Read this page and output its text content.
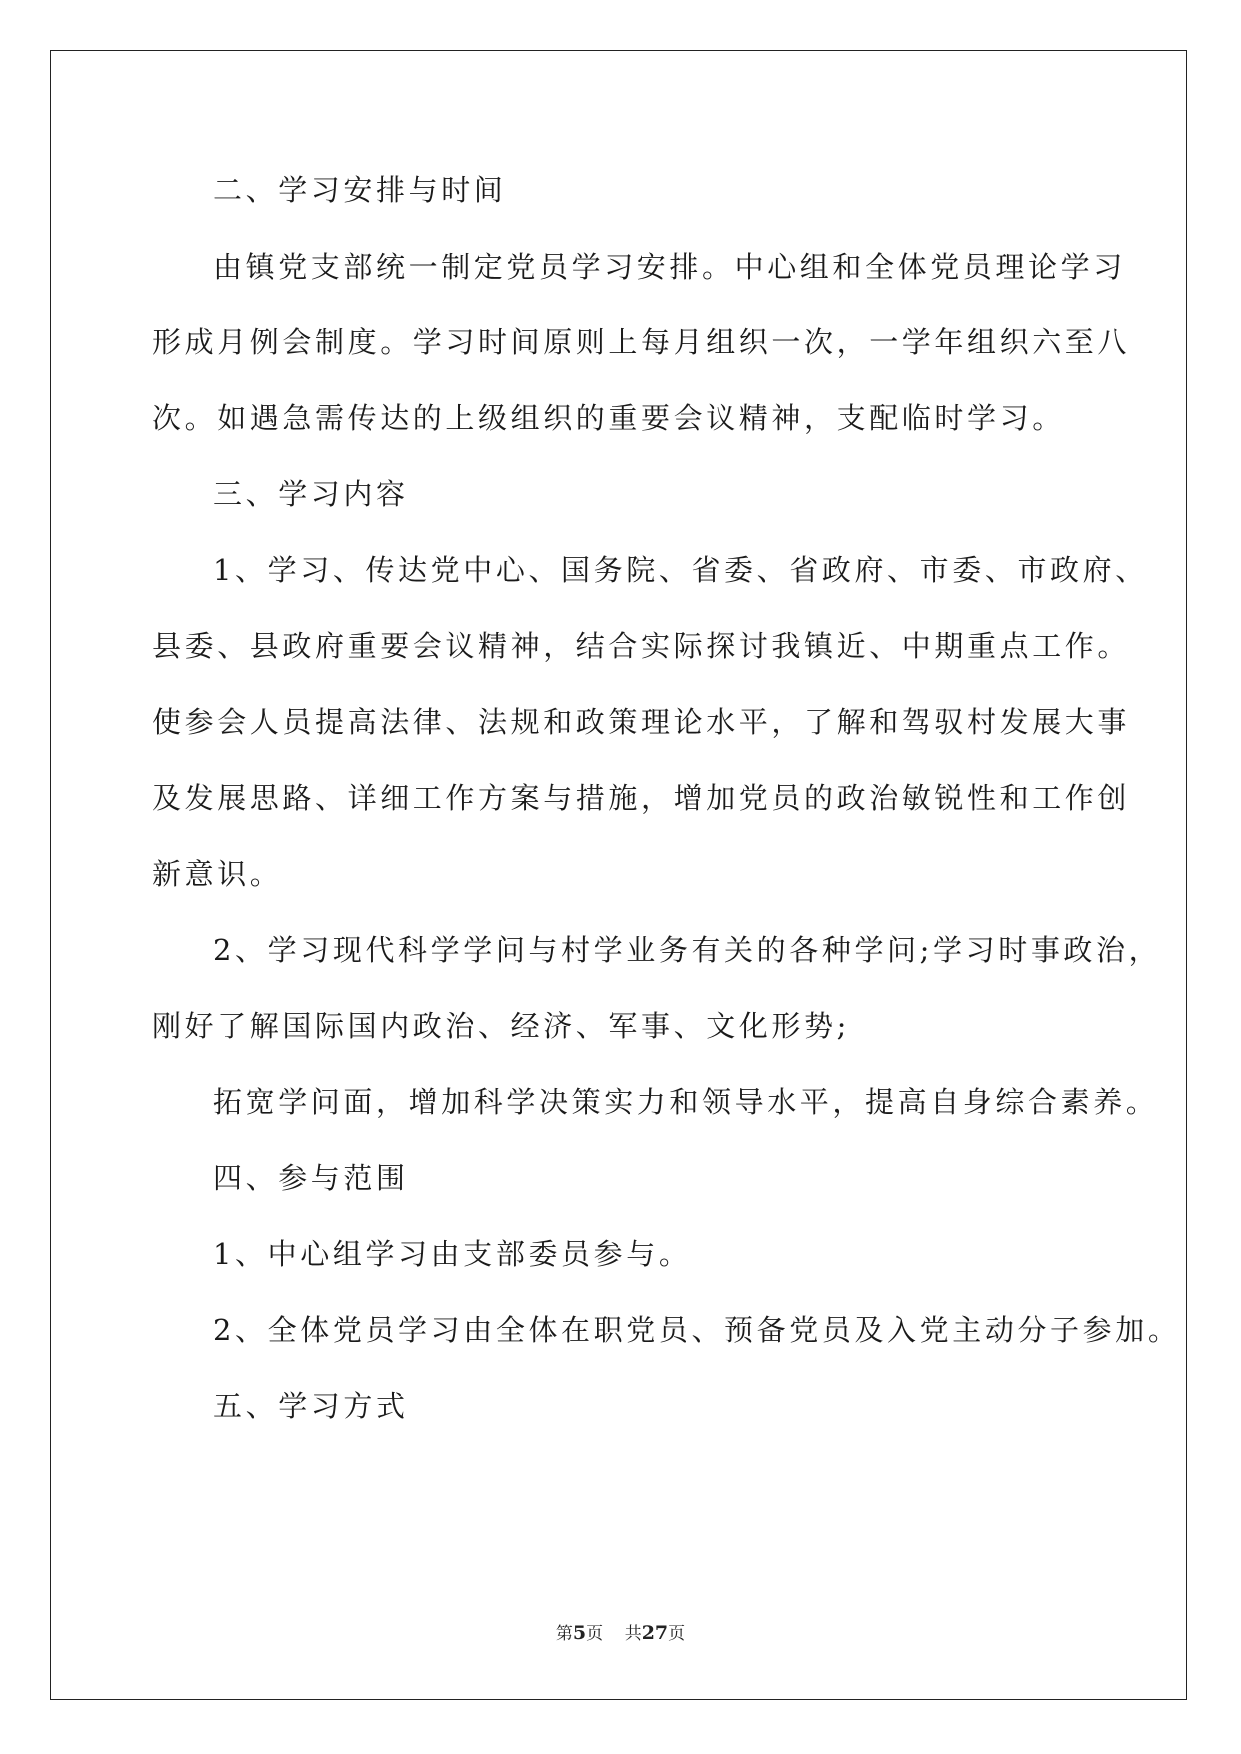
二、学习安排与时间
由镇党支部统一制定党员学习安排。中心组和全体党员理论学习
形成月例会制度。学习时间原则上每月组织一次，一学年组织六至八
次。如遇急需传达的上级组织的重要会议精神，支配临时学习。
三、学习内容
1、学习、传达党中心、国务院、省委、省政府、市委、市政府、
县委、县政府重要会议精神，结合实际探讨我镇近、中期重点工作。
使参会人员提高法律、法规和政策理论水平，了解和驾驭村发展大事
及发展思路、详细工作方案与措施，增加党员的政治敏锐性和工作创
新意识。
2、学习现代科学学问与村学业务有关的各种学问;学习时事政治，
刚好了解国际国内政治、经济、军事、文化形势;
拓宽学问面，增加科学决策实力和领导水平，提高自身综合素养。
四、参与范围
1、中心组学习由支部委员参与。
2、全体党员学习由全体在职党员、预备党员及入党主动分子参加。
五、学习方式
第5页 共27页
